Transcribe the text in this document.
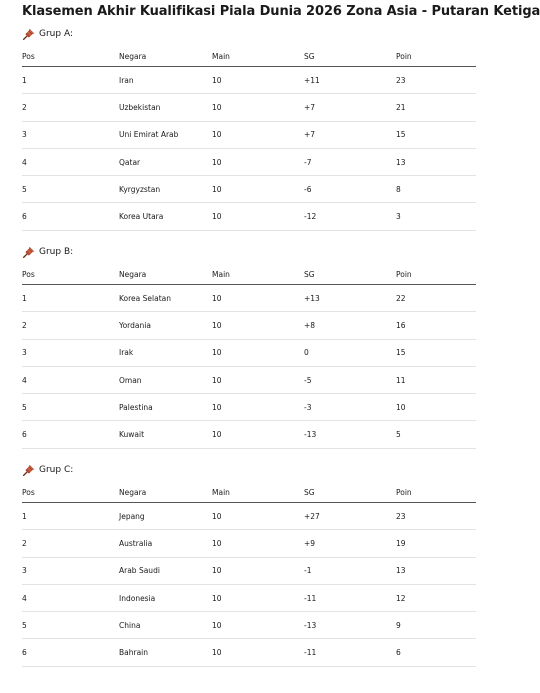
Klasemen Akhir Kualifikasi Piala Dunia 2026 Zona Asia - Putaran Ketiga
Grup A:
Pos	Negara	Main	SG	Poin
1	Iran	10	+11	23
2	Uzbekistan	10	+7	21
3	Uni Emirat Arab	10	+7	15
4	Qatar	10	-7	13
5	Kyrgyzstan	10	-6	8
6	Korea Utara	10	-12	3
Grup B:
Pos	Negara	Main	SG	Poin
1	Korea Selatan	10	+13	22
2	Yordania	10	+8	16
3	Irak	10	0	15
4	Oman	10	-5	11
5	Palestina	10	-3	10
6	Kuwait	10	-13	5
Grup C:
Pos	Negara	Main	SG	Poin
1	Jepang	10	+27	23
2	Australia	10	+9	19
3	Arab Saudi	10	-1	13
4	Indonesia	10	-11	12
5	China	10	-13	9
6	Bahrain	10	-11	6
